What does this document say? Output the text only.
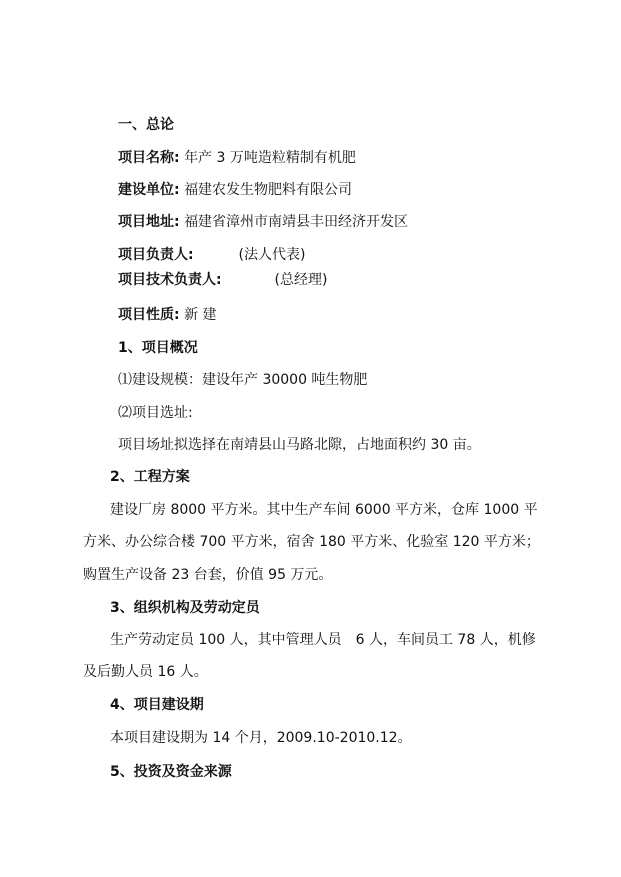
一、总论
项目名称: 年产 3 万吨造粒精制有机肥
建设单位: 福建农发生物肥料有限公司
项目地址: 福建省漳州市南靖县丰田经济开发区
项目负责人:	(法人代表)
项目技术负责人:	(总经理)
项目性质: 新 建
1、项目概况
⑴建设规模：建设年产 30000 吨生物肥
⑵项目选址:
项目场址拟选择在南靖县山马路北隙，占地面积约 30 亩。
2、工程方案
建设厂房 8000 平方米。其中生产车间 6000 平方米，仓库 1000 平
方米、办公综合楼 700 平方米，宿舍 180 平方米、化验室 120 平方米；
购置生产设备 23 台套，价值 95 万元。
3、组织机构及劳动定员
生产劳动定员 100 人，其中管理人员　6 人，车间员工 78 人，机修
及后勤人员 16 人。
4、项目建设期
本项目建设期为 14 个月，2009.10-2010.12。
5、投资及资金来源
